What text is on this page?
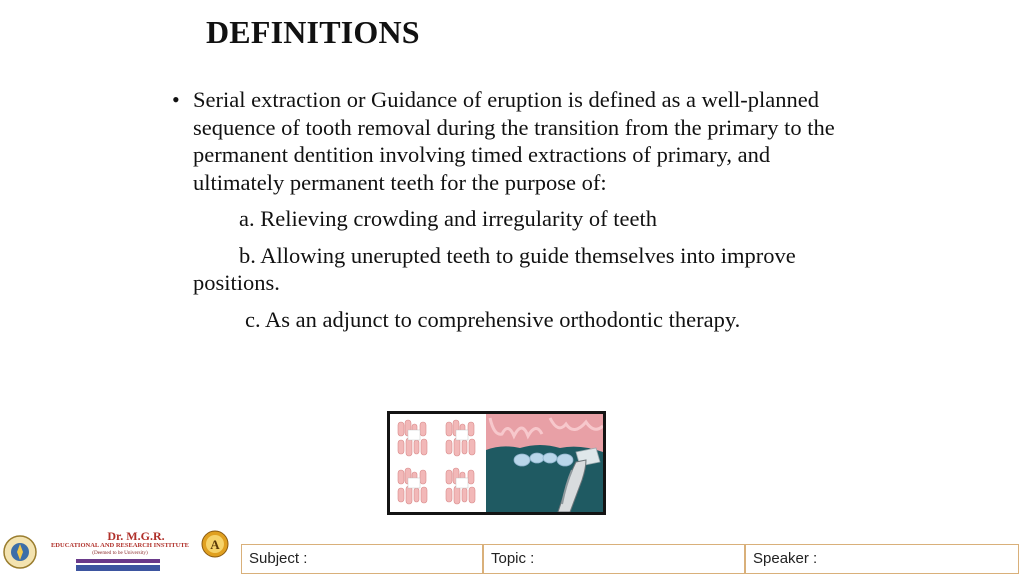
DEFINITIONS
• Serial extraction or Guidance of eruption is defined as a well-planned sequence of tooth removal during the transition from the primary to the permanent dentition involving timed extractions of primary, and ultimately permanent teeth for the purpose of:
a. Relieving crowding and irregularity of teeth
b. Allowing unerupted teeth to guide themselves into improve positions.
c. As an adjunct to comprehensive orthodontic therapy.
Dr. M.G.R.
EDUCATIONAL AND RESEARCH INSTITUTE
(Deemed to be University)
A
Subject :	Topic :	Speaker :
